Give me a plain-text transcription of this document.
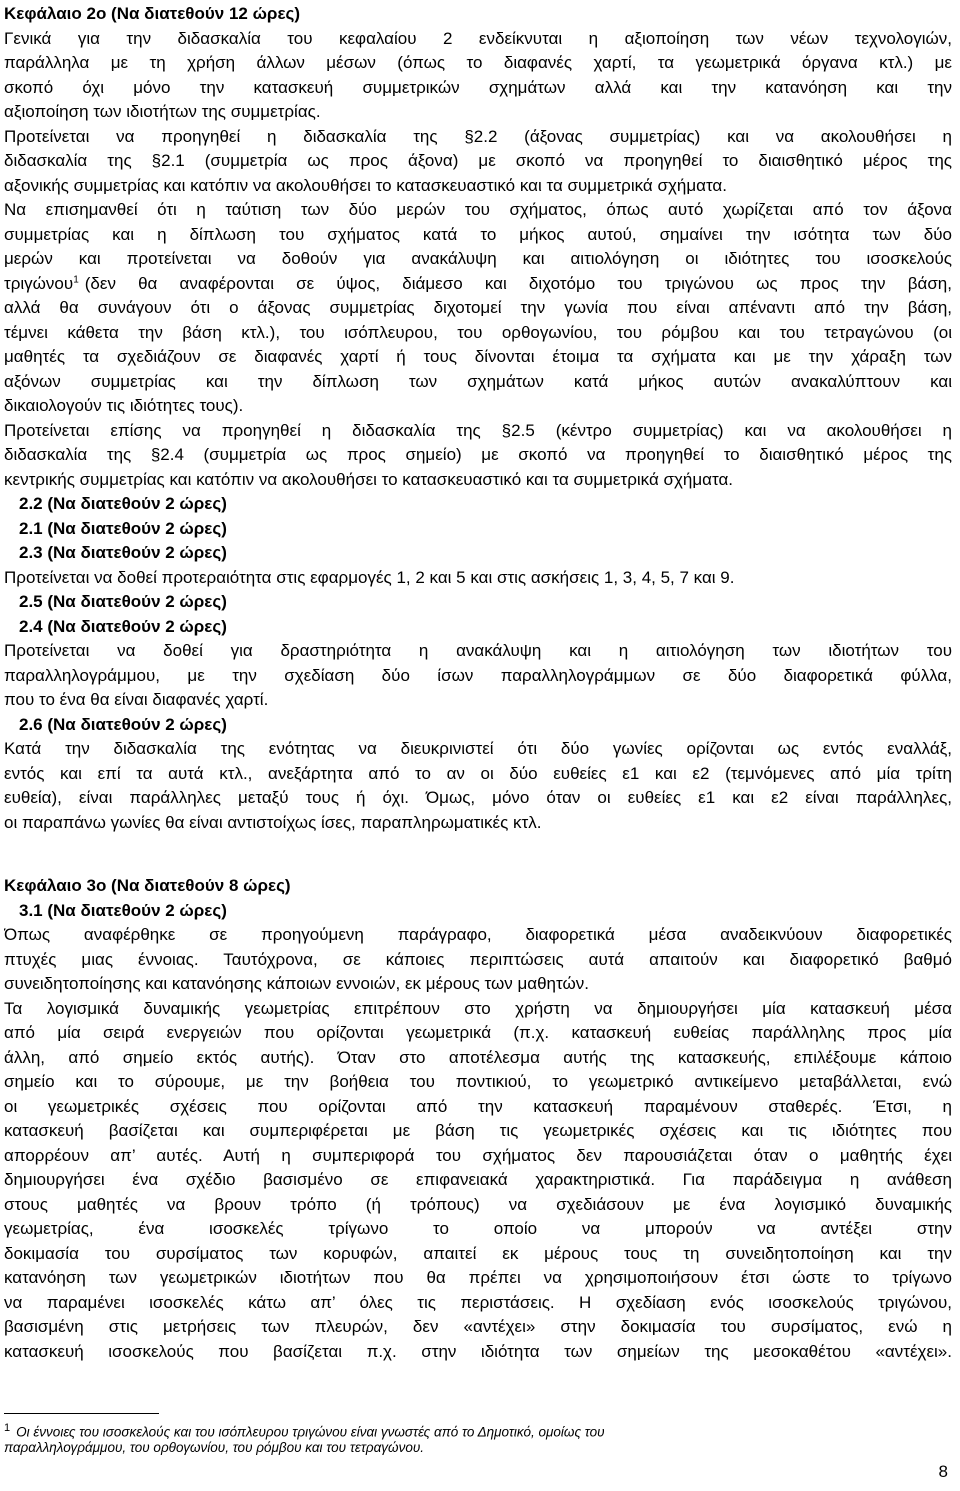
Κεφάλαιο 2ο (Να διατεθούν 12 ώρες)
Γενικά για την διδασκαλία του κεφαλαίου 2 ενδείκνυται η αξιοποίηση των νέων τεχνολογιών,
παράλληλα με τη χρήση άλλων μέσων (όπως το διαφανές χαρτί, τα γεωμετρικά όργανα κτλ.) με
σκοπό όχι μόνο την κατασκευή συμμετρικών σχημάτων αλλά και την κατανόηση και την
αξιοποίηση των ιδιοτήτων της συμμετρίας.
Προτείνεται να προηγηθεί η διδασκαλία της §2.2 (άξονας συμμετρίας) και να ακολουθήσει η
διδασκαλία της §2.1 (συμμετρία ως προς άξονα) με σκοπό να προηγηθεί το διαισθητικό μέρος της
αξονικής συμμετρίας και κατόπιν να ακολουθήσει το κατασκευαστικό και τα συμμετρικά σχήματα.
Να επισημανθεί ότι η ταύτιση των δύο μερών του σχήματος, όπως αυτό χωρίζεται από τον άξονα
συμμετρίας και η δίπλωση του σχήματος κατά το μήκος αυτού, σημαίνει την ισότητα των δύο
μερών και προτείνεται να δοθούν για ανακάλυψη και αιτιολόγηση οι ιδιότητες του ισοσκελούς
τριγώνου$^1$ (δεν θα αναφέρονται σε ύψος, διάμεσο και διχοτόμο του τριγώνου ως προς την βάση,
αλλά θα συνάγουν ότι ο άξονας συμμετρίας διχοτομεί την γωνία που είναι απέναντι από την βάση,
τέμνει κάθετα την βάση κτλ.), του ισόπλευρου, του ορθογωνίου, του ρόμβου και του τετραγώνου (οι
μαθητές τα σχεδιάζουν σε διαφανές χαρτί ή τους δίνονται έτοιμα τα σχήματα και με την χάραξη των
αξόνων συμμετρίας και την δίπλωση των σχημάτων κατά μήκος αυτών ανακαλύπτουν και
δικαιολογούν τις ιδιότητες τους).
Προτείνεται επίσης να προηγηθεί η διδασκαλία της §2.5 (κέντρο συμμετρίας) και να ακολουθήσει η
διδασκαλία της §2.4 (συμμετρία ως προς σημείο) με σκοπό να προηγηθεί το διαισθητικό μέρος της
κεντρικής συμμετρίας και κατόπιν να ακολουθήσει το κατασκευαστικό και τα συμμετρικά σχήματα.
2.2 (Να διατεθούν 2 ώρες)
2.1 (Να διατεθούν 2 ώρες)
2.3 (Να διατεθούν 2 ώρες)
Προτείνεται να δοθεί προτεραιότητα στις εφαρμογές 1, 2 και 5 και στις ασκήσεις 1, 3, 4, 5, 7 και 9.
2.5 (Να διατεθούν 2 ώρες)
2.4 (Να διατεθούν 2 ώρες)
Προτείνεται να δοθεί για δραστηριότητα η ανακάλυψη και η αιτιολόγηση των ιδιοτήτων του
παραλληλογράμμου, με την σχεδίαση δύο ίσων παραλληλογράμμων σε δύο διαφορετικά φύλλα,
που το ένα θα είναι διαφανές χαρτί.
2.6 (Να διατεθούν 2 ώρες)
Κατά την διδασκαλία της ενότητας να διευκρινιστεί ότι δύο γωνίες ορίζονται ως εντός εναλλάξ,
εντός και επί τα αυτά κτλ., ανεξάρτητα από το αν οι δύο ευθείες ε1 και ε2 (τεμνόμενες από μία τρίτη
ευθεία), είναι παράλληλες μεταξύ τους ή όχι. Όμως, μόνο όταν οι ευθείες ε1 και ε2 είναι παράλληλες,
οι παραπάνω γωνίες θα είναι αντιστοίχως ίσες, παραπληρωματικές κτλ.
Κεφάλαιο 3ο (Να διατεθούν 8 ώρες)
3.1 (Να διατεθούν 2 ώρες)
Όπως αναφέρθηκε σε προηγούμενη παράγραφο, διαφορετικά μέσα αναδεικνύουν διαφορετικές
πτυχές μιας έννοιας. Ταυτόχρονα, σε κάποιες περιπτώσεις αυτά απαιτούν και διαφορετικό βαθμό
συνειδητοποίησης και κατανόησης κάποιων εννοιών, εκ μέρους των μαθητών.
Τα λογισμικά δυναμικής γεωμετρίας επιτρέπουν στο χρήστη να δημιουργήσει μία κατασκευή μέσα
από μία σειρά ενεργειών που ορίζονται γεωμετρικά (π.χ. κατασκευή ευθείας παράλληλης προς μία
άλλη, από σημείο εκτός αυτής). Όταν στο αποτέλεσμα αυτής της κατασκευής, επιλέξουμε κάποιο
σημείο και το σύρουμε, με την βοήθεια του ποντικιού, το γεωμετρικό αντικείμενο μεταβάλλεται, ενώ
οι γεωμετρικές σχέσεις που ορίζονται από την κατασκευή παραμένουν σταθερές. Έτσι, η
κατασκευή βασίζεται και συμπεριφέρεται με βάση τις γεωμετρικές σχέσεις και τις ιδιότητες που
απορρέουν απ’ αυτές. Αυτή η συμπεριφορά του σχήματος δεν παρουσιάζεται όταν ο μαθητής έχει
δημιουργήσει ένα σχέδιο βασισμένο σε επιφανειακά χαρακτηριστικά. Για παράδειγμα η ανάθεση
στους μαθητές να βρουν τρόπο (ή τρόπους) να σχεδιάσουν με ένα λογισμικό δυναμικής
γεωμετρίας, ένα ισοσκελές τρίγωνο το οποίο να μπορούν να αντέξει στην
δοκιμασία του συρσίματος των κορυφών, απαιτεί εκ μέρους τους τη συνειδητοποίηση και την
κατανόηση των γεωμετρικών ιδιοτήτων που θα πρέπει να χρησιμοποιήσουν έτσι ώστε το τρίγωνο
να παραμένει ισοσκελές κάτω απ’ όλες τις περιστάσεις. Η σχεδίαση ενός ισοσκελούς τριγώνου,
βασισμένη στις μετρήσεις των πλευρών, δεν «αντέχει» στην δοκιμασία του συρσίματος, ενώ η
κατασκευή ισοσκελούς που βασίζεται π.χ. στην ιδιότητα των σημείων της μεσοκαθέτου «αντέχει».
$^1$ Οι έννοιες του ισοσκελούς και του ισόπλευρου τριγώνου είναι γνωστές από το Δημοτικό, ομοίως του
παραλληλογράμμου, του ορθογωνίου, του ρόμβου και του τετραγώνου.
8
